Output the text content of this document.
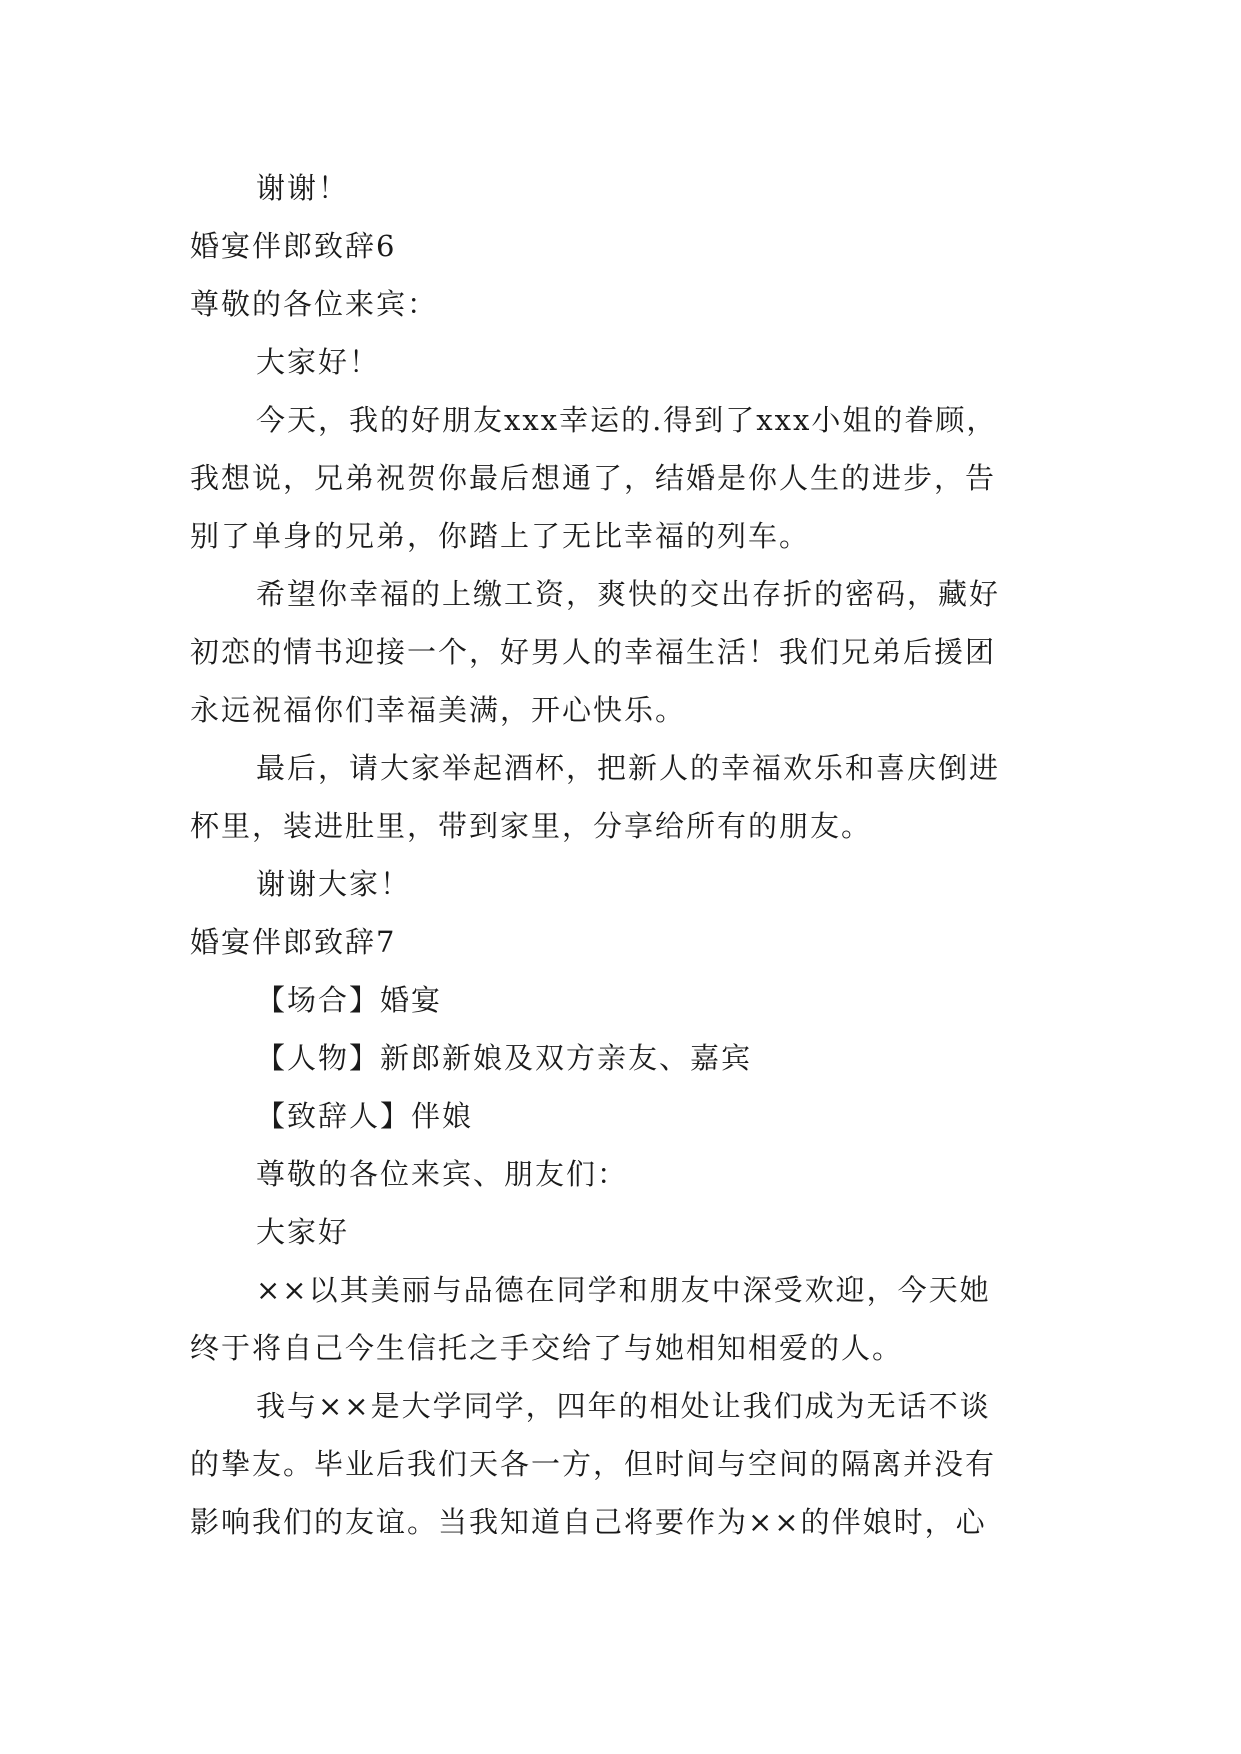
谢谢！
婚宴伴郎致辞6
尊敬的各位来宾：
大家好！
今天，我的好朋友xxx幸运的.得到了xxx小姐的眷顾，
我想说，兄弟祝贺你最后想通了，结婚是你人生的进步，告
别了单身的兄弟，你踏上了无比幸福的列车。
希望你幸福的上缴工资，爽快的交出存折的密码，藏好
初恋的情书迎接一个，好男人的幸福生活！我们兄弟后援团
永远祝福你们幸福美满，开心快乐。
最后，请大家举起酒杯，把新人的幸福欢乐和喜庆倒进
杯里，装进肚里，带到家里，分享给所有的朋友。
谢谢大家！
婚宴伴郎致辞7
【场合】婚宴
【人物】新郎新娘及双方亲友、嘉宾
【致辞人】伴娘
尊敬的各位来宾、朋友们：
大家好
××以其美丽与品德在同学和朋友中深受欢迎，今天她
终于将自己今生信托之手交给了与她相知相爱的人。
我与××是大学同学，四年的相处让我们成为无话不谈
的挚友。毕业后我们天各一方，但时间与空间的隔离并没有
影响我们的友谊。当我知道自己将要作为××的伴娘时，心
